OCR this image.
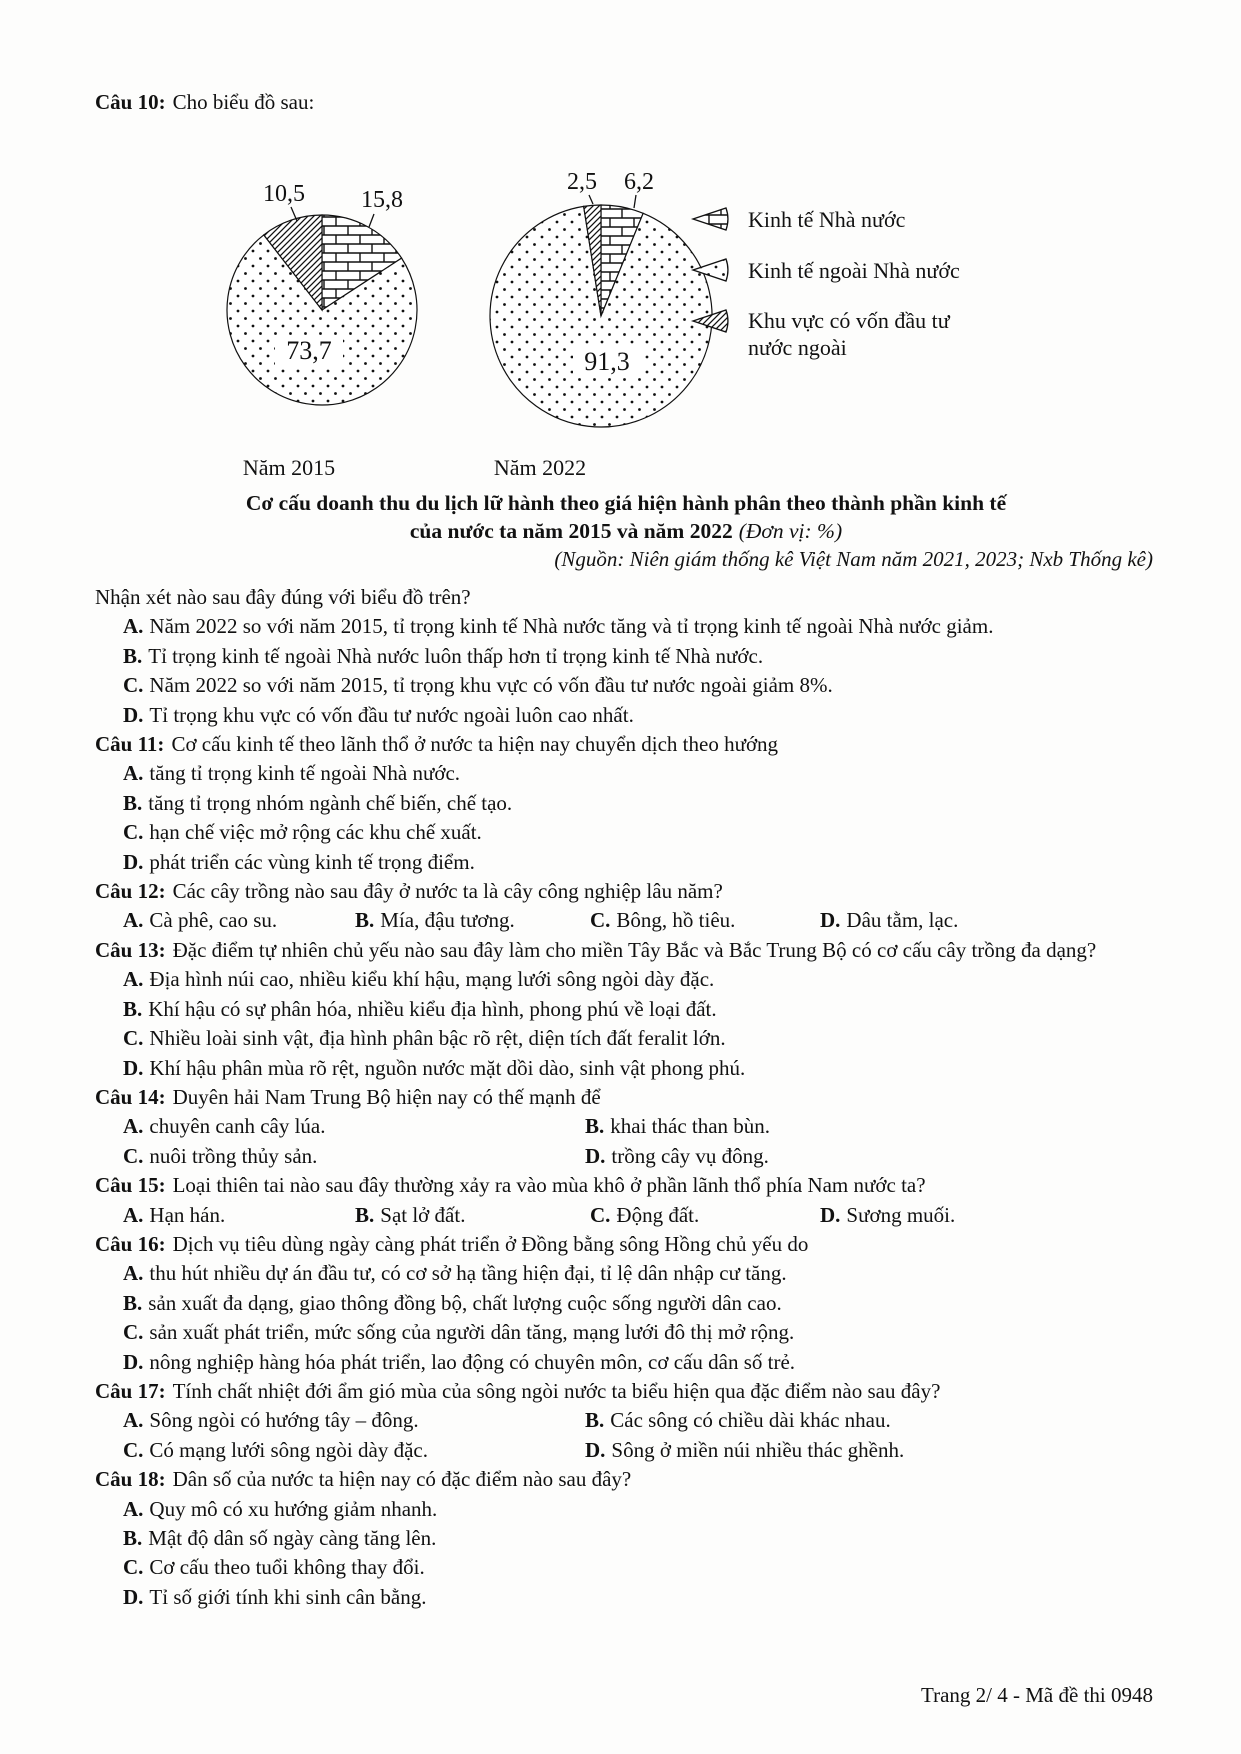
Câu 10: Cho biểu đồ sau:
10,5 15,8
73,7
2,5 6,2
91,3
Kinh tế Nhà nước
Kinh tế ngoài Nhà nước
Khu vực có vốn đầu tư nước ngoài
Năm 2015	Năm 2022
Cơ cấu doanh thu du lịch lữ hành theo giá hiện hành phân theo thành phần kinh tế
của nước ta năm 2015 và năm 2022 (Đơn vị: %)
(Nguồn: Niên giám thống kê Việt Nam năm 2021, 2023; Nxb Thống kê)
Nhận xét nào sau đây đúng với biểu đồ trên?
A. Năm 2022 so với năm 2015, tỉ trọng kinh tế Nhà nước tăng và tỉ trọng kinh tế ngoài Nhà nước giảm.
B. Tỉ trọng kinh tế ngoài Nhà nước luôn thấp hơn tỉ trọng kinh tế Nhà nước.
C. Năm 2022 so với năm 2015, tỉ trọng khu vực có vốn đầu tư nước ngoài giảm 8%.
D. Tỉ trọng khu vực có vốn đầu tư nước ngoài luôn cao nhất.
Câu 11: Cơ cấu kinh tế theo lãnh thổ ở nước ta hiện nay chuyển dịch theo hướng
A. tăng tỉ trọng kinh tế ngoài Nhà nước.
B. tăng tỉ trọng nhóm ngành chế biến, chế tạo.
C. hạn chế việc mở rộng các khu chế xuất.
D. phát triển các vùng kinh tế trọng điểm.
Câu 12: Các cây trồng nào sau đây ở nước ta là cây công nghiệp lâu năm?
A. Cà phê, cao su.	B. Mía, đậu tương.	C. Bông, hồ tiêu.	D. Dâu tằm, lạc.
Câu 13: Đặc điểm tự nhiên chủ yếu nào sau đây làm cho miền Tây Bắc và Bắc Trung Bộ có cơ cấu cây trồng đa dạng?
A. Địa hình núi cao, nhiều kiểu khí hậu, mạng lưới sông ngòi dày đặc.
B. Khí hậu có sự phân hóa, nhiều kiểu địa hình, phong phú về loại đất.
C. Nhiều loài sinh vật, địa hình phân bậc rõ rệt, diện tích đất feralit lớn.
D. Khí hậu phân mùa rõ rệt, nguồn nước mặt dồi dào, sinh vật phong phú.
Câu 14: Duyên hải Nam Trung Bộ hiện nay có thế mạnh để
A. chuyên canh cây lúa.	B. khai thác than bùn.
C. nuôi trồng thủy sản.	D. trồng cây vụ đông.
Câu 15: Loại thiên tai nào sau đây thường xảy ra vào mùa khô ở phần lãnh thổ phía Nam nước ta?
A. Hạn hán.	B. Sạt lở đất.	C. Động đất.	D. Sương muối.
Câu 16: Dịch vụ tiêu dùng ngày càng phát triển ở Đồng bằng sông Hồng chủ yếu do
A. thu hút nhiều dự án đầu tư, có cơ sở hạ tầng hiện đại, tỉ lệ dân nhập cư tăng.
B. sản xuất đa dạng, giao thông đồng bộ, chất lượng cuộc sống người dân cao.
C. sản xuất phát triển, mức sống của người dân tăng, mạng lưới đô thị mở rộng.
D. nông nghiệp hàng hóa phát triển, lao động có chuyên môn, cơ cấu dân số trẻ.
Câu 17: Tính chất nhiệt đới ẩm gió mùa của sông ngòi nước ta biểu hiện qua đặc điểm nào sau đây?
A. Sông ngòi có hướng tây – đông.	B. Các sông có chiều dài khác nhau.
C. Có mạng lưới sông ngòi dày đặc.	D. Sông ở miền núi nhiều thác ghềnh.
Câu 18: Dân số của nước ta hiện nay có đặc điểm nào sau đây?
A. Quy mô có xu hướng giảm nhanh.
B. Mật độ dân số ngày càng tăng lên.
C. Cơ cấu theo tuổi không thay đổi.
D. Tỉ số giới tính khi sinh cân bằng.
Trang 2/ 4 - Mã đề thi 0948
